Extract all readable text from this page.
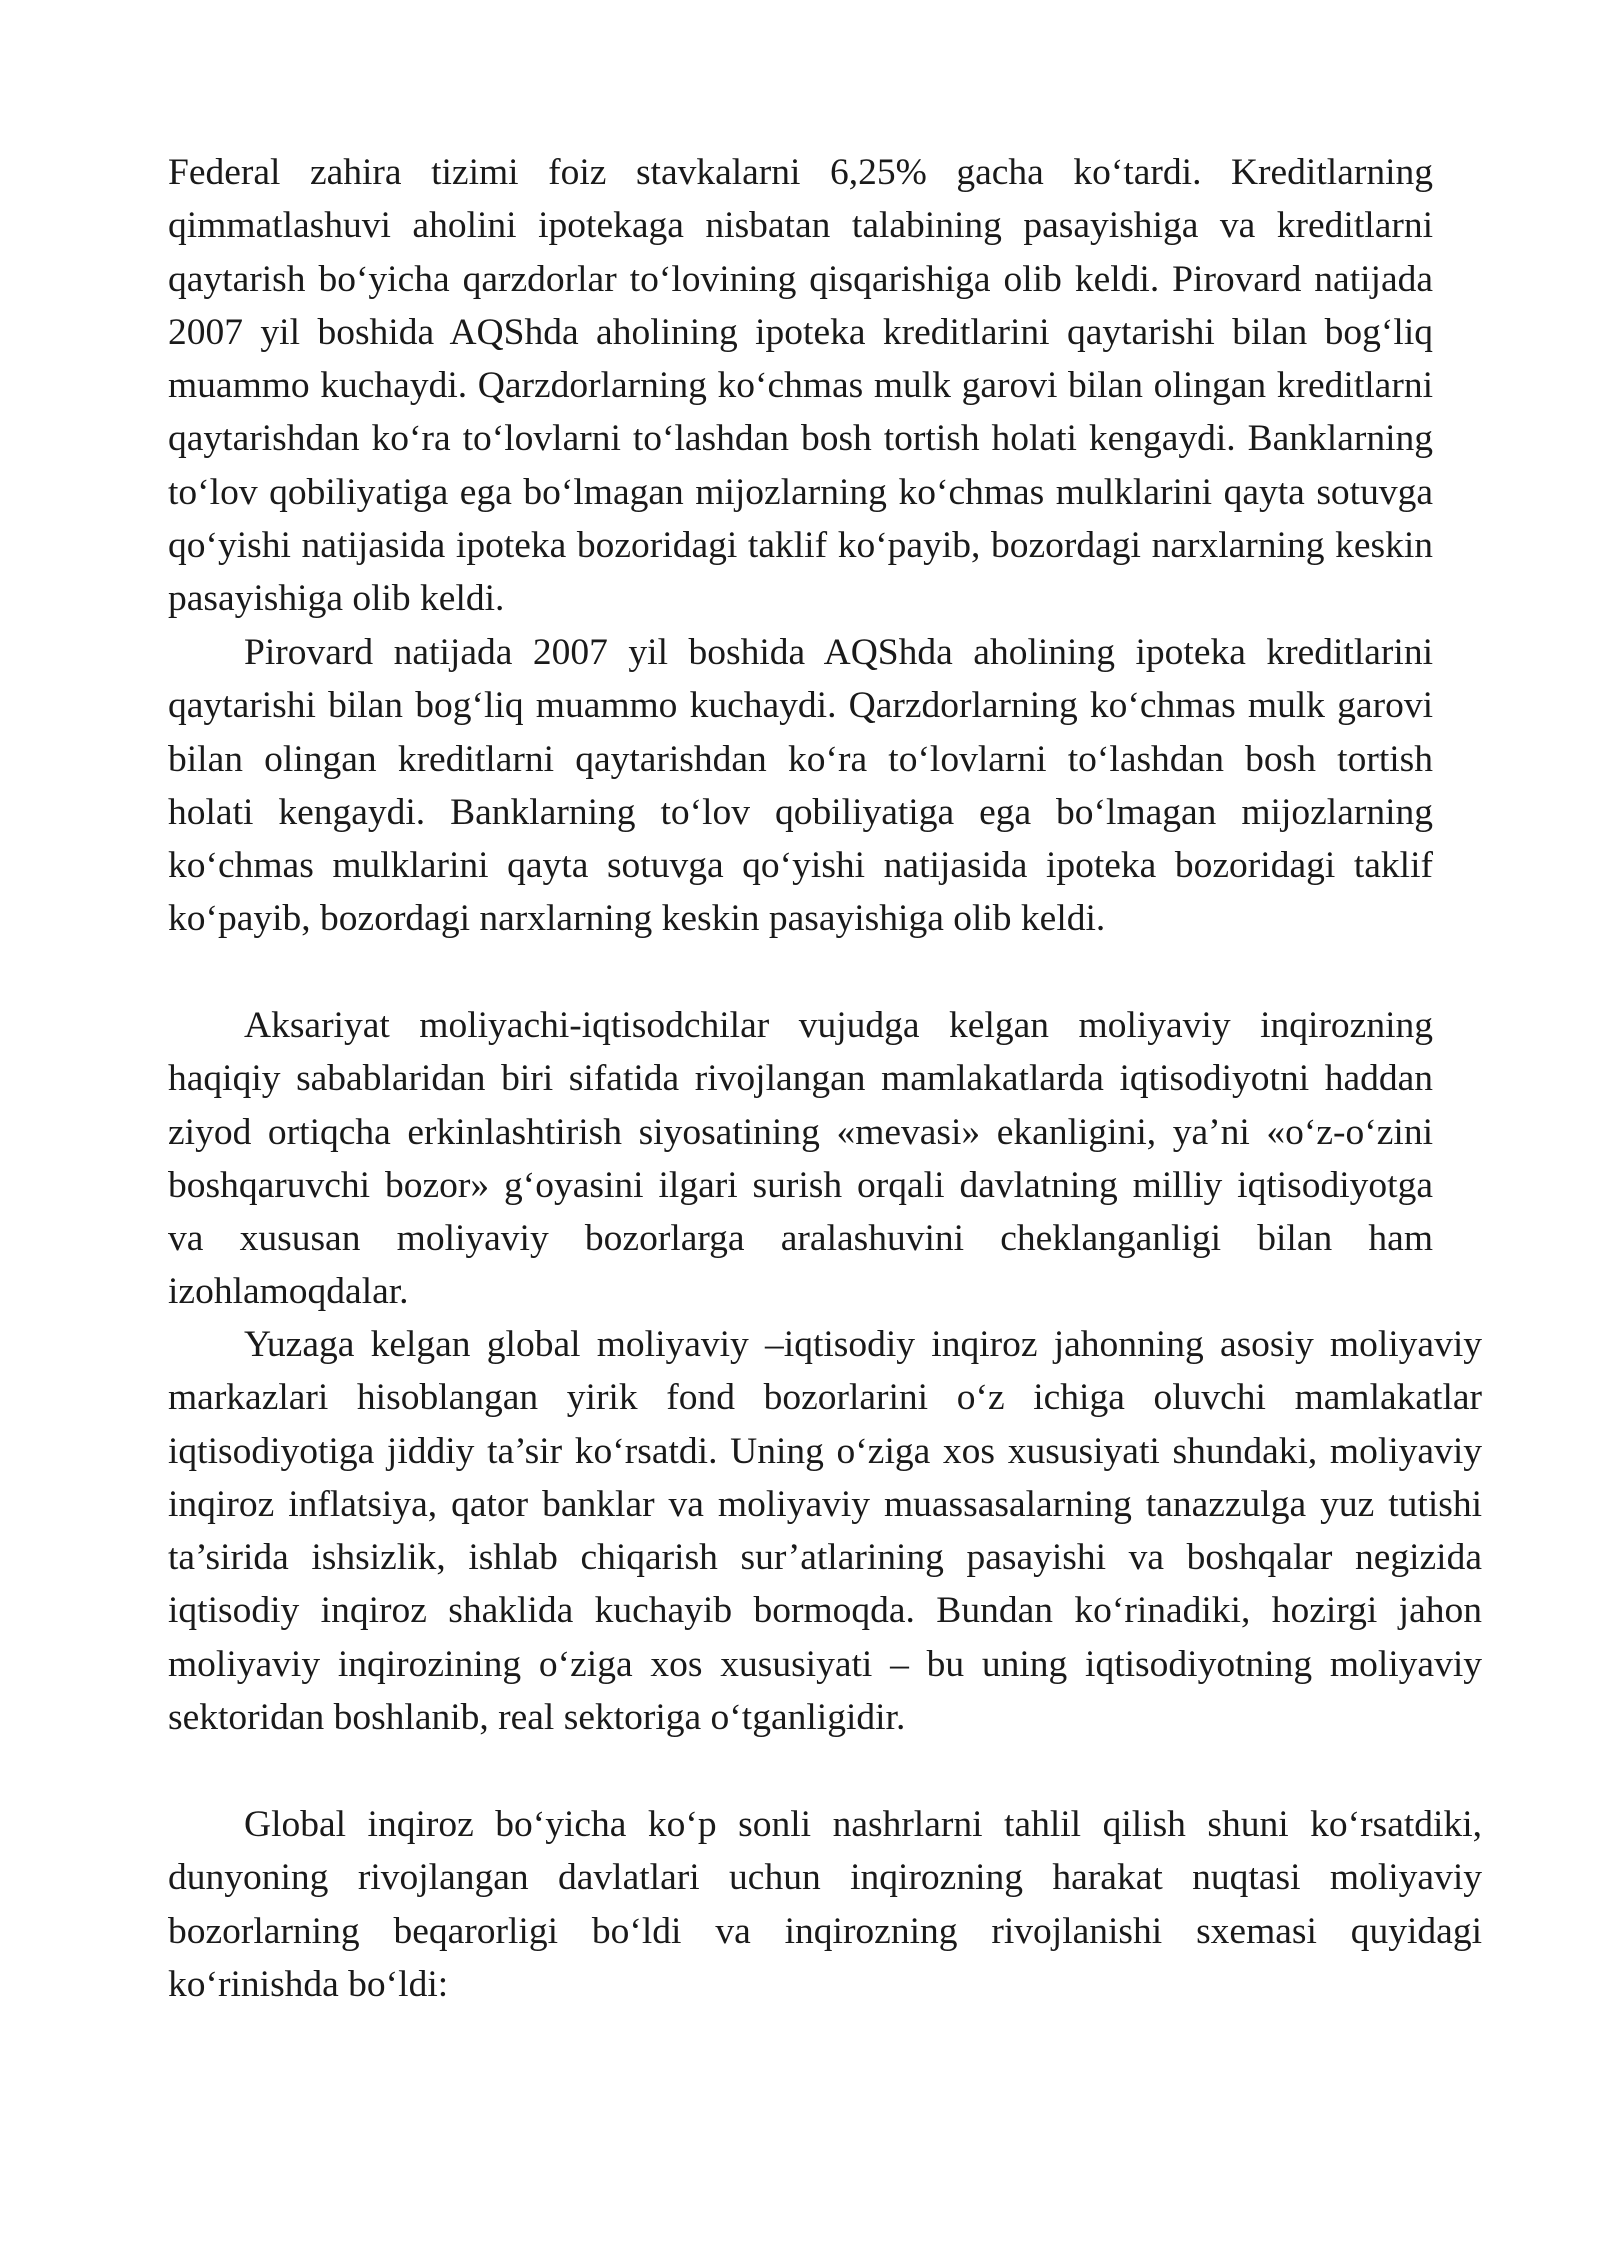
Federal zahira tizimi foiz stavkalarni 6,25% gacha ko‘tardi. Kreditlarning qimmatlashuvi aholini ipotekaga nisbatan talabining pasayishiga va kreditlarni qaytarish bo‘yicha qarzdorlar to‘lovining qisqarishiga olib keldi. Pirovard natijada 2007 yil boshida AQShda aholining ipoteka kreditlarini qaytarishi bilan bog‘liq muammo kuchaydi. Qarzdorlarning ko‘chmas mulk garovi bilan olingan kreditlarni qaytarishdan ko‘ra to‘lovlarni to‘lashdan bosh tortish holati kengaydi. Banklarning to‘lov qobiliyatiga ega bo‘lmagan mijozlarning ko‘chmas mulklarini qayta sotuvga qo‘yishi natijasida ipoteka bozoridagi taklif ko‘payib, bozordagi narxlarning keskin pasayishiga olib keldi.

Pirovard natijada 2007 yil boshida AQShda aholining ipoteka kreditlarini qaytarishi bilan bog‘liq muammo kuchaydi. Qarzdorlarning ko‘chmas mulk garovi bilan olingan kreditlarni qaytarishdan ko‘ra to‘lovlarni to‘lashdan bosh tortish holati kengaydi. Banklarning to‘lov qobiliyatiga ega bo‘lmagan mijozlarning ko‘chmas mulklarini qayta sotuvga qo‘yishi natijasida ipoteka bozoridagi taklif ko‘payib, bozordagi narxlarning keskin pasayishiga olib keldi.

Aksariyat moliyachi-iqtisodchilar vujudga kelgan moliyaviy inqirozning haqiqiy sabablaridan biri sifatida rivojlangan mamlakatlarda iqtisodiyotni haddan ziyod ortiqcha erkinlashtirish siyosatining «mevasi» ekanligini, ya’ni «o‘z-o‘zini boshqaruvchi bozor» g‘oyasini ilgari surish orqali davlatning milliy iqtisodiyotga va xususan moliyaviy bozorlarga aralashuvini cheklanganligi bilan ham izohlamoqdalar.

Yuzaga kelgan global moliyaviy –iqtisodiy inqiroz jahonning asosiy moliyaviy markazlari hisoblangan yirik fond bozorlarini o‘z ichiga oluvchi mamlakatlar iqtisodiyotiga jiddiy ta’sir ko‘rsatdi. Uning o‘ziga xos xususiyati shundaki, moliyaviy inqiroz inflatsiya, qator banklar va moliyaviy muassasalarning tanazzulga yuz tutishi ta’sirida ishsizlik, ishlab chiqarish sur’atlarining pasayishi va boshqalar negizida iqtisodiy inqiroz shaklida kuchayib bormoqda. Bundan ko‘rinadiki, hozirgi jahon moliyaviy inqirozining o‘ziga xos xususiyati – bu uning iqtisodiyotning moliyaviy sektoridan boshlanib, real sektoriga o‘tganligidir.

Global inqiroz bo‘yicha ko‘p sonli nashrlarni tahlil qilish shuni ko‘rsatdiki, dunyoning rivojlangan davlatlari uchun inqirozning harakat nuqtasi moliyaviy bozorlarning beqarorligi bo‘ldi va inqirozning rivojlanishi sxemasi quyidagi ko‘rinishda bo‘ldi:
